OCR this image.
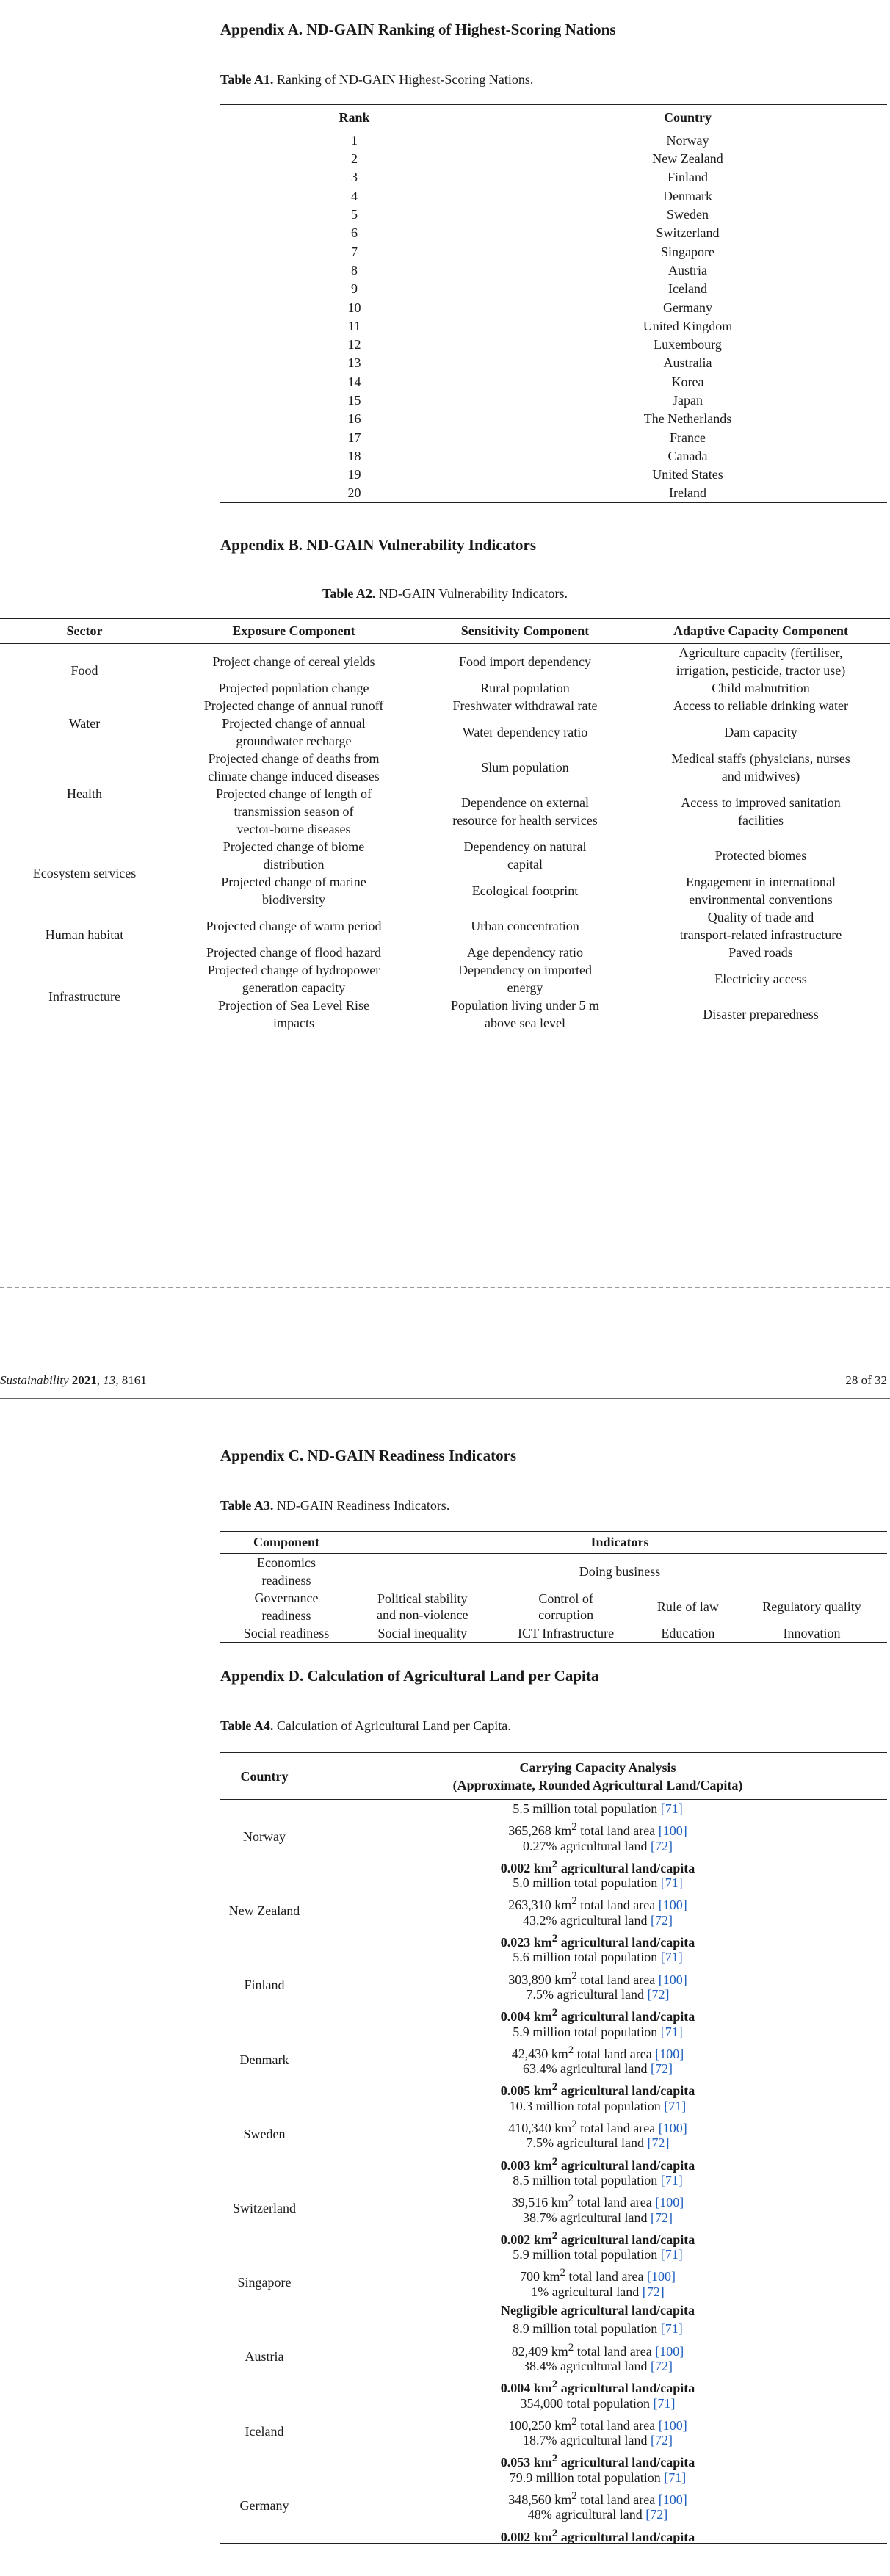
Appendix A. ND-GAIN Ranking of Highest-Scoring Nations
Table A1. Ranking of ND-GAIN Highest-Scoring Nations.
Rank	Country
1	Norway
2	New Zealand
3	Finland
4	Denmark
5	Sweden
6	Switzerland
7	Singapore
8	Austria
9	Iceland
10	Germany
11	United Kingdom
12	Luxembourg
13	Australia
14	Korea
15	Japan
16	The Netherlands
17	France
18	Canada
19	United States
20	Ireland
Appendix B. ND-GAIN Vulnerability Indicators
Table A2. ND-GAIN Vulnerability Indicators.
Sector	Exposure Component	Sensitivity Component	Adaptive Capacity Component
Food	Project change of cereal yields	Food import dependency	Agriculture capacity (fertiliser,
irrigation, pesticide, tractor use)

	Projected population change	Rural population	Child malnutrition

Water	Projected change of annual runoff	Freshwater withdrawal rate	Access to reliable drinking water

	Projected change of annual
groundwater recharge	Water dependency ratio	Dam capacity

Health	Projected change of deaths from
climate change induced diseases	Slum population	Medical staffs (physicians, nurses
and midwives)

	Projected change of length of
transmission season of
vector-borne diseases	Dependence on external
resource for health services	Access to improved sanitation
facilities

Ecosystem services	Projected change of biome
distribution	Dependency on natural
capital	Protected biomes

	Projected change of marine
biodiversity	Ecological footprint	Engagement in international
environmental conventions

Human habitat	Projected change of warm period	Urban concentration	Quality of trade and
transport-related infrastructure

	Projected change of flood hazard	Age dependency ratio	Paved roads

Infrastructure	Projected change of hydropower
generation capacity	Dependency on imported
energy	Electricity access

	Projection of Sea Level Rise
impacts	Population living under 5 m
above sea level	Disaster preparedness
Sustainability 2021, 13, 8161	28 of 32
Appendix C. ND-GAIN Readiness Indicators
Table A3. ND-GAIN Readiness Indicators.
Component	Indicators			

Economics
readiness	Doing business			

Governance
readiness	Political stability
and non-violence	Control of
corruption	Rule of law	Regulatory quality

Social readiness	Social inequality	ICT Infrastructure	Education	Innovation
Appendix D. Calculation of Agricultural Land per Capita
Table A4. Calculation of Agricultural Land per Capita.
Country	Carrying Capacity Analysis
(Approximate, Rounded Agricultural Land/Capita)

Norway	5.5 million total population [71]
365,268 $km^2$ total land area [100]
0.27% agricultural land [72]
0.002 $km^2$ agricultural land/capita

New Zealand	5.0 million total population [71]
263,310 $km^2$ total land area [100]
43.2% agricultural land [72]
0.023 $km^2$ agricultural land/capita

Finland	5.6 million total population [71]
303,890 $km^2$ total land area [100]
7.5% agricultural land [72]
0.004 $km^2$ agricultural land/capita

Denmark	5.9 million total population [71]
42,430 $km^2$ total land area [100]
63.4% agricultural land [72]
0.005 $km^2$ agricultural land/capita

Sweden	10.3 million total population [71]
410,340 $km^2$ total land area [100]
7.5% agricultural land [72]
0.003 $km^2$ agricultural land/capita

Switzerland	8.5 million total population [71]
39,516 $km^2$ total land area [100]
38.7% agricultural land [72]
0.002 $km^2$ agricultural land/capita

Singapore	5.9 million total population [71]
700 $km^2$ total land area [100]
1% agricultural land [72]
Negligible agricultural land/capita

Austria	8.9 million total population [71]
82,409 $km^2$ total land area [100]
38.4% agricultural land [72]
0.004 $km^2$ agricultural land/capita

Iceland	354,000 total population [71]
100,250 $km^2$ total land area [100]
18.7% agricultural land [72]
0.053 $km^2$ agricultural land/capita

Germany	79.9 million total population [71]
348,560 $km^2$ total land area [100]
48% agricultural land [72]
0.002 $km^2$ agricultural land/capita
